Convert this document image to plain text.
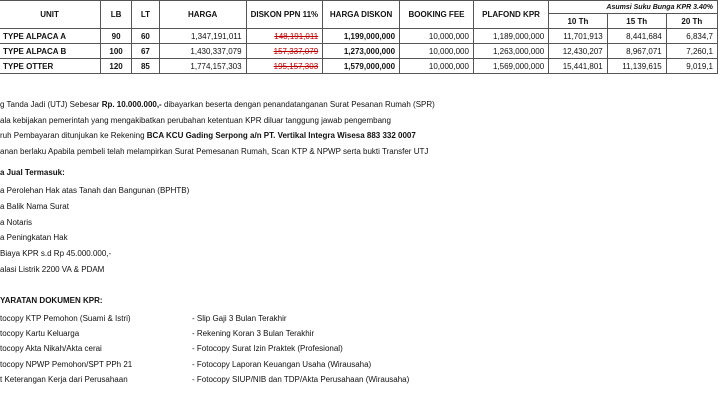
UNIT	LB	LT	HARGA	DISKON PPN 11%	HARGA DISKON	BOOKING FEE	PLAFOND KPR	Asumsi Suku Bunga KPR 3.40%		
								10 Th	15 Th	20 Th
TYPE ALPACA A	90	60	1,347,191,011	148,191,011	1,199,000,000	10,000,000	1,189,000,000	11,701,913	8,441,684	6,834,7
TYPE ALPACA B	100	67	1,430,337,079	157,337,079	1,273,000,000	10,000,000	1,263,000,000	12,430,207	8,967,071	7,260,1
TYPE OTTER	120	85	1,774,157,303	195,157,303	1,579,000,000	10,000,000	1,569,000,000	15,441,801	11,139,615	9,019,1

g Tanda Jadi (UTJ) Sebesar Rp. 10.000.000,- dibayarkan beserta dengan penandatanganan Surat Pesanan Rumah (SPR)

ala kebijakan pemerintah yang mengakibatkan perubahan ketentuan KPR diluar tanggung jawab pengembang

ruh Pembayaran ditunjukan ke Rekening BCA KCU Gading Serpong a/n PT. Vertikal Integra Wisesa 883 332 0007

anan berlaku Apabila pembeli telah melampirkan Surat Pemesanan Rumah, Scan KTP & NPWP serta bukti Transfer UTJ

a Jual Termasuk:
a Perolehan Hak atas Tanah dan Bangunan (BPHTB)
a Balik Nama Surat
a Notaris
a Peningkatan Hak
Biaya KPR s.d Rp 45.000.000,-
alasi Listrik 2200 VA & PDAM
YARATAN DOKUMEN KPR:
tocopy KTP Pemohon (Suami & Istri)
tocopy Kartu Keluarga
tocopy Akta Nikah/Akta cerai
tocopy NPWP Pemohon/SPT PPh 21
t Keterangan Kerja dari Perusahaan
- Slip Gaji 3 Bulan Terakhir
- Rekening Koran 3 Bulan Terakhir
- Fotocopy Surat Izin Praktek (Profesional)
- Fotocopy Laporan Keuangan Usaha (Wirausaha)
- Fotocopy SIUP/NIB dan TDP/Akta Perusahaan (Wirausaha)
